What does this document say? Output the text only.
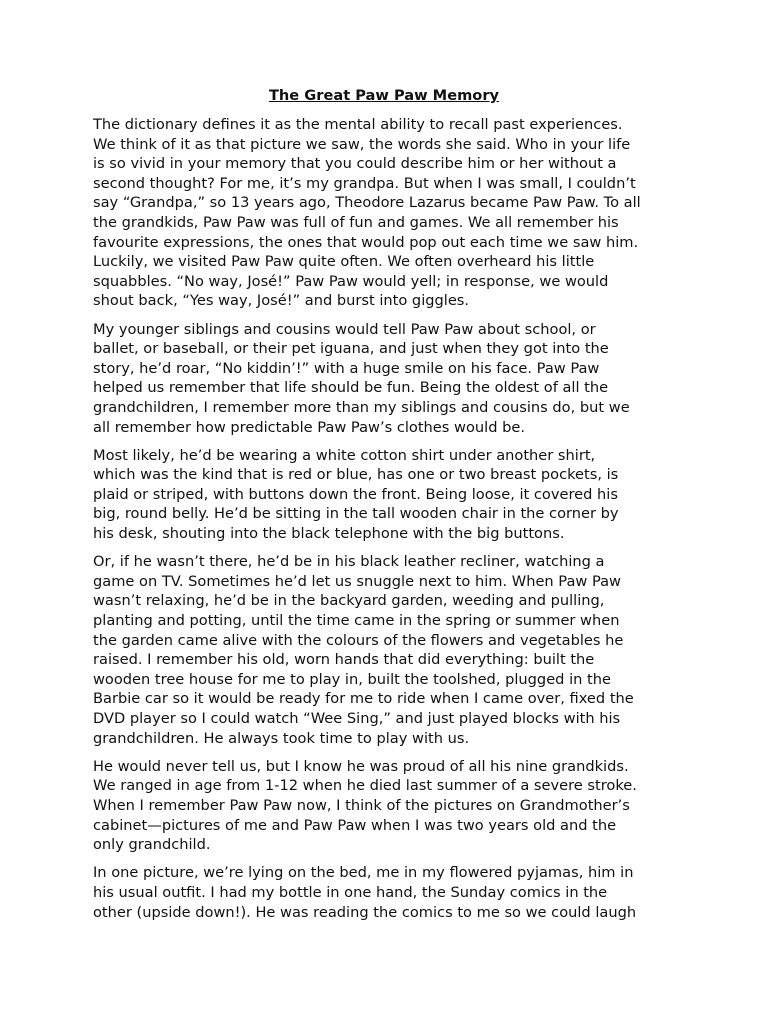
The Great Paw Paw Memory
The dictionary defines it as the mental ability to recall past experiences.
We think of it as that picture we saw, the words she said. Who in your life
is so vivid in your memory that you could describe him or her without a
second thought? For me, it’s my grandpa. But when I was small, I couldn’t
say “Grandpa,” so 13 years ago, Theodore Lazarus became Paw Paw. To all
the grandkids, Paw Paw was full of fun and games. We all remember his
favourite expressions, the ones that would pop out each time we saw him.
Luckily, we visited Paw Paw quite often. We often overheard his little
squabbles. “No way, José!” Paw Paw would yell; in response, we would
shout back, “Yes way, José!” and burst into giggles.
My younger siblings and cousins would tell Paw Paw about school, or
ballet, or baseball, or their pet iguana, and just when they got into the
story, he’d roar, “No kiddin’!” with a huge smile on his face. Paw Paw
helped us remember that life should be fun. Being the oldest of all the
grandchildren, I remember more than my siblings and cousins do, but we
all remember how predictable Paw Paw’s clothes would be.
Most likely, he’d be wearing a white cotton shirt under another shirt,
which was the kind that is red or blue, has one or two breast pockets, is
plaid or striped, with buttons down the front. Being loose, it covered his
big, round belly. He’d be sitting in the tall wooden chair in the corner by
his desk, shouting into the black telephone with the big buttons.
Or, if he wasn’t there, he’d be in his black leather recliner, watching a
game on TV. Sometimes he’d let us snuggle next to him. When Paw Paw
wasn’t relaxing, he’d be in the backyard garden, weeding and pulling,
planting and potting, until the time came in the spring or summer when
the garden came alive with the colours of the flowers and vegetables he
raised. I remember his old, worn hands that did everything: built the
wooden tree house for me to play in, built the toolshed, plugged in the
Barbie car so it would be ready for me to ride when I came over, fixed the
DVD player so I could watch “Wee Sing,” and just played blocks with his
grandchildren. He always took time to play with us.
He would never tell us, but I know he was proud of all his nine grandkids.
We ranged in age from 1-12 when he died last summer of a severe stroke.
When I remember Paw Paw now, I think of the pictures on Grandmother’s
cabinet—pictures of me and Paw Paw when I was two years old and the
only grandchild.
In one picture, we’re lying on the bed, me in my flowered pyjamas, him in
his usual outfit. I had my bottle in one hand, the Sunday comics in the
other (upside down!). He was reading the comics to me so we could laugh
